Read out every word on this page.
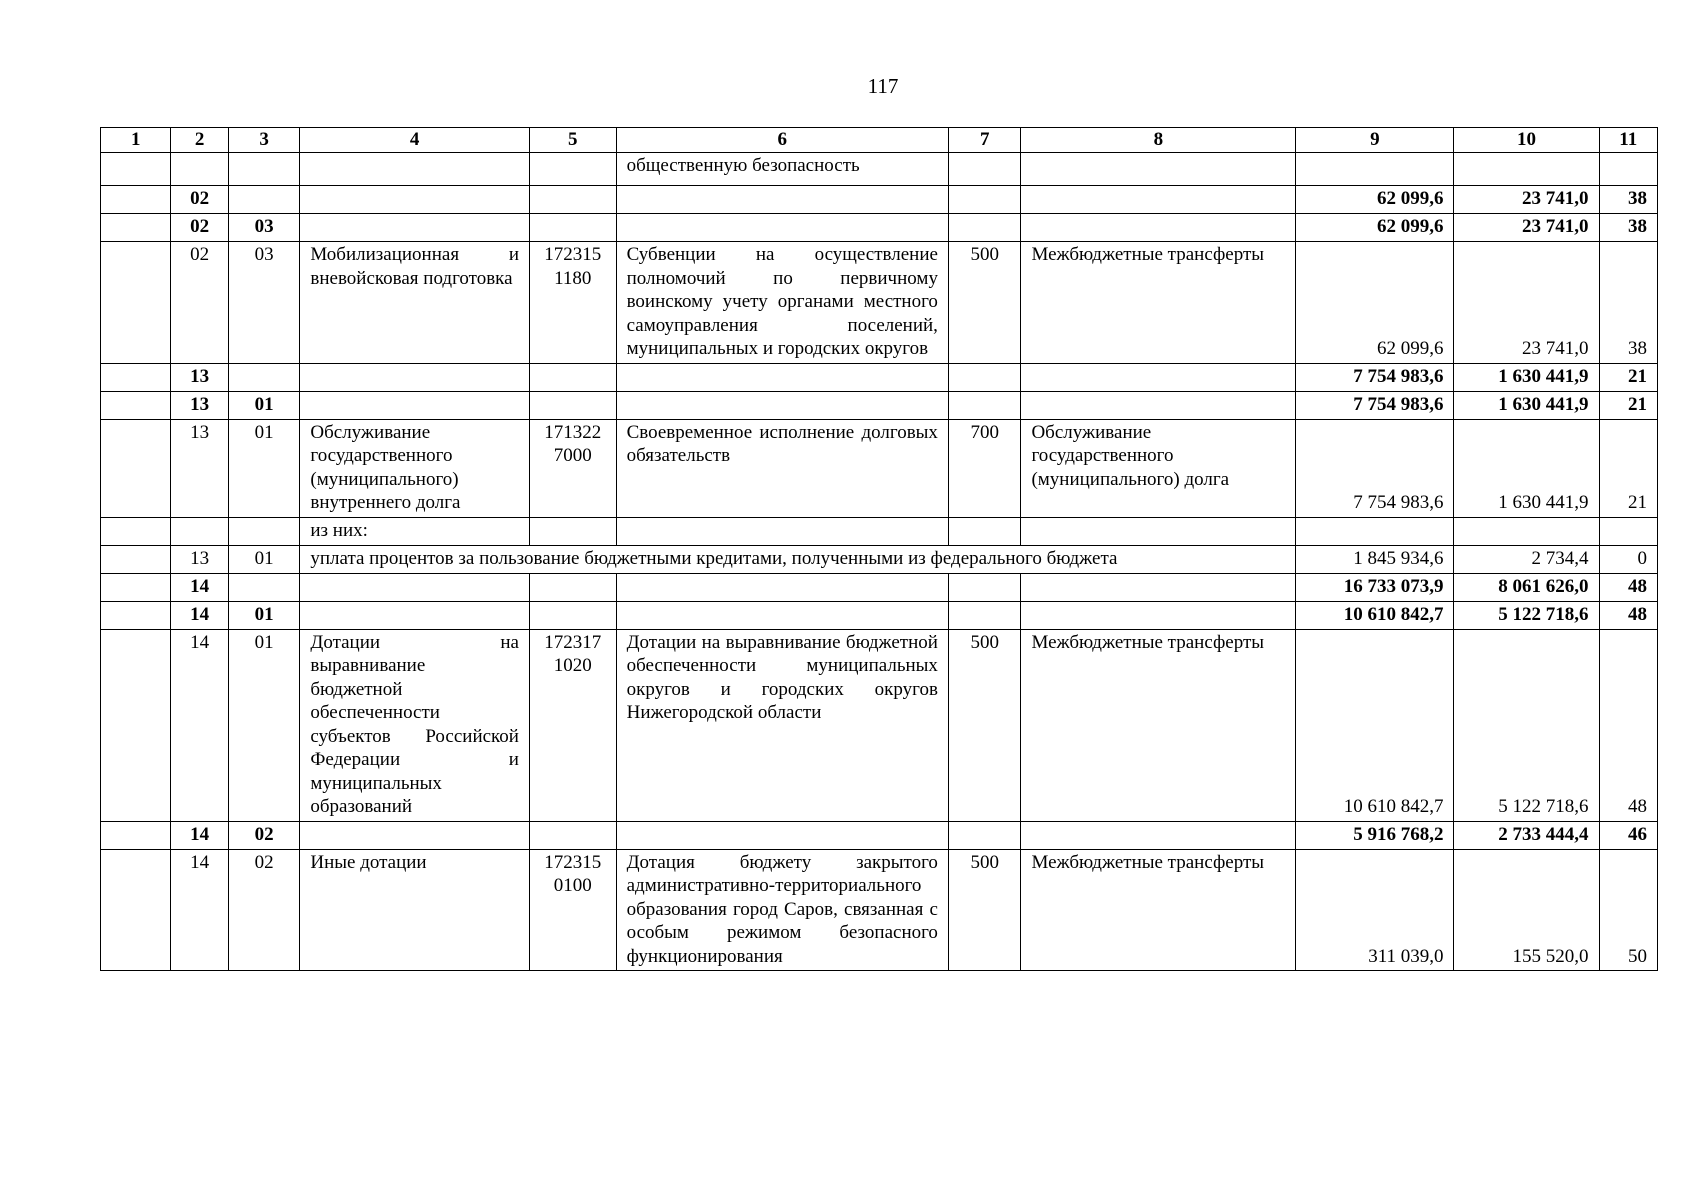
117
1	2	3	4	5	6	7	8	9	10	11
					общественную безопасность					
	02							62 099,6	23 741,0	38
	02	03						62 099,6	23 741,0	38
	02	03	Мобилизационная и вневойсковая подготовка	172315 1180	Субвенции на осуществление полномочий по первичному воинскому учету органами местного самоуправления поселений, муниципальных и городских округов	500	Межбюджетные трансферты	62 099,6	23 741,0	38
	13							7 754 983,6	1 630 441,9	21
	13	01						7 754 983,6	1 630 441,9	21
	13	01	Обслуживание государственного (муниципального) внутреннего долга	171322 7000	Своевременное исполнение долговых обязательств	700	Обслуживание государственного (муниципального) долга	7 754 983,6	1 630 441,9	21
			из них:							
	13	01	уплата процентов за пользование бюджетными кредитами, полученными из федерального бюджета					1 845 934,6	2 734,4	0
	14							16 733 073,9	8 061 626,0	48
	14	01						10 610 842,7	5 122 718,6	48
	14	01	Дотации на выравнивание бюджетной обеспеченности субъектов Российской Федерации и муниципальных образований	172317 1020	Дотации на выравнивание бюджетной обеспеченности муниципальных округов и городских округов Нижегородской области	500	Межбюджетные трансферты	10 610 842,7	5 122 718,6	48
	14	02						5 916 768,2	2 733 444,4	46
	14	02	Иные дотации	172315 0100	Дотация бюджету закрытого административно-территориального образования город Саров, связанная с особым режимом безопасного функционирования	500	Межбюджетные трансферты	311 039,0	155 520,0	50
